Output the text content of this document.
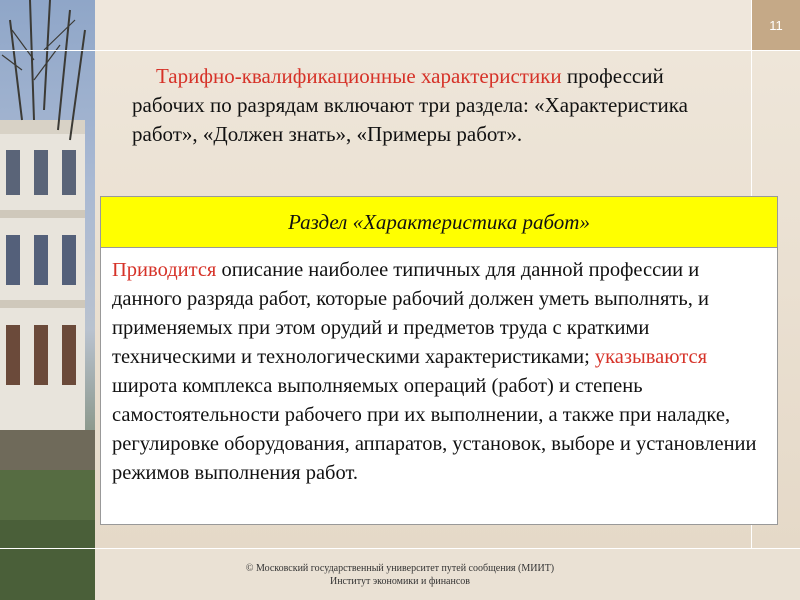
11

Тарифно-квалификационные характеристики профессий рабочих по разрядам включают три раздела: «Характеристика работ», «Должен знать», «Примеры работ».

Раздел «Характеристика работ»
Приводится описание наиболее типичных для данной профессии и данного разряда работ, которые рабочий должен уметь выполнять, и применяемых при этом орудий и предметов труда с краткими техническими и технологическими характеристиками; указываются широта комплекса выполняемых операций (работ) и степень самостоятельности рабочего при их выполнении, а также при наладке, регулировке оборудования, аппаратов, установок, выборе и установлении режимов выполнения работ.
© Московский государственный университет путей сообщения (МИИТ)
Институт экономики и финансов
